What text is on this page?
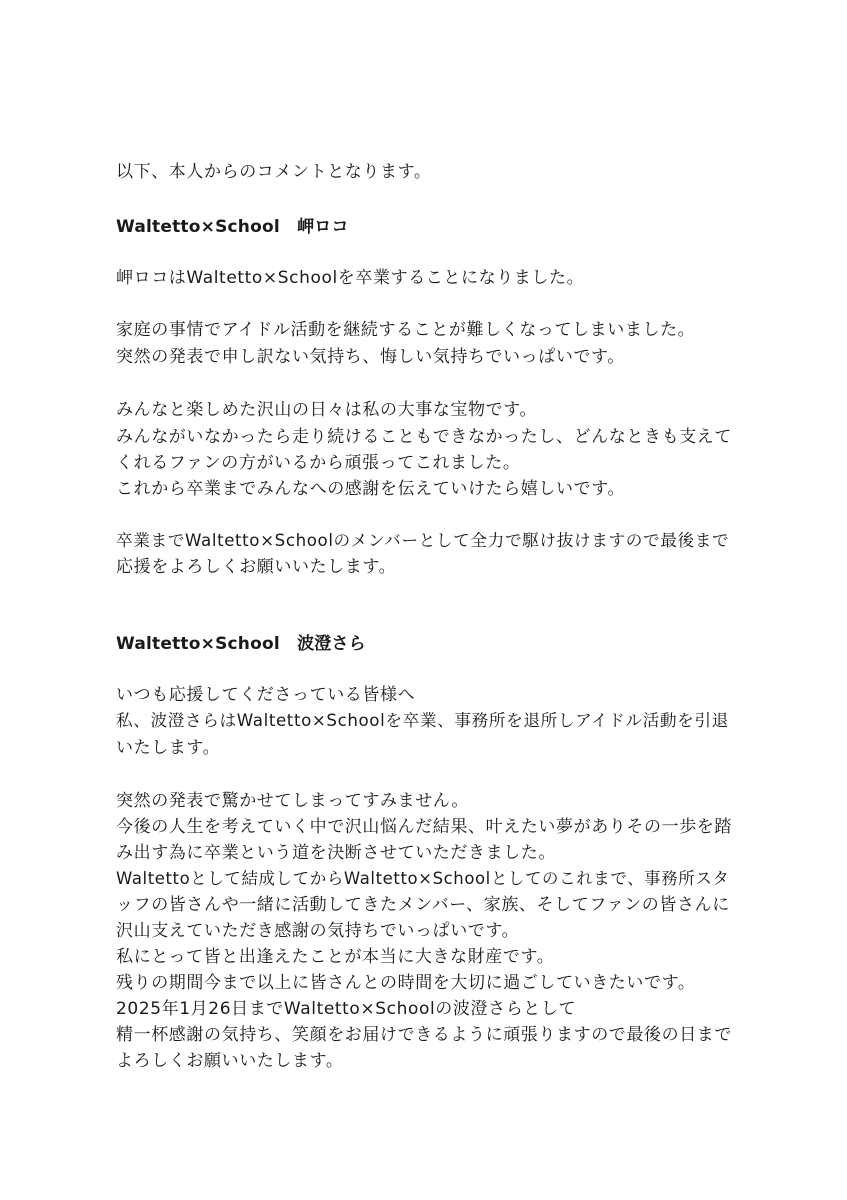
以下、本人からのコメントとなります。
Waltetto×School　岬ロコ
岬ロコはWaltetto×Schoolを卒業することになりました。
家庭の事情でアイドル活動を継続することが難しくなってしまいました。
突然の発表で申し訳ない気持ち、悔しい気持ちでいっぱいです。
みんなと楽しめた沢山の日々は私の大事な宝物です。
みんながいなかったら走り続けることもできなかったし、どんなときも支えて
くれるファンの方がいるから頑張ってこれました。
これから卒業までみんなへの感謝を伝えていけたら嬉しいです。
卒業までWaltetto×Schoolのメンバーとして全力で駆け抜けますので最後まで
応援をよろしくお願いいたします。
Waltetto×School　波澄さら
いつも応援してくださっている皆様へ
私、波澄さらはWaltetto×Schoolを卒業、事務所を退所しアイドル活動を引退
いたします。
突然の発表で驚かせてしまってすみません。
今後の人生を考えていく中で沢山悩んだ結果、叶えたい夢がありその一歩を踏
み出す為に卒業という道を決断させていただきました。
Waltettoとして結成してからWaltetto×Schoolとしてのこれまで、事務所スタ
ッフの皆さんや一緒に活動してきたメンバー、家族、そしてファンの皆さんに
沢山支えていただき感謝の気持ちでいっぱいです。
私にとって皆と出逢えたことが本当に大きな財産です。
残りの期間今まで以上に皆さんとの時間を大切に過ごしていきたいです。
2025年1月26日までWaltetto×Schoolの波澄さらとして
精一杯感謝の気持ち、笑顔をお届けできるように頑張りますので最後の日まで
よろしくお願いいたします。
